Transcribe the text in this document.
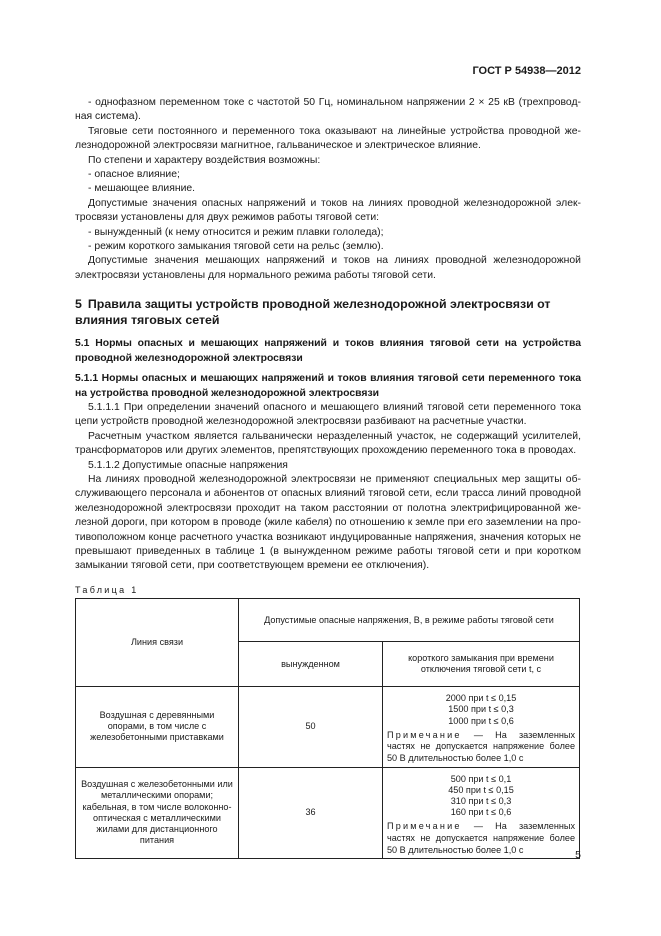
ГОСТ Р 54938—2012

- однофазном переменном токе с частотой 50 Гц, номинальном напряжении 2 × 25 кВ (трехпроводная система).

Тяговые сети постоянного и переменного тока оказывают на линейные устройства проводной железнодорожной электросвязи магнитное, гальваническое и электрическое влияние.

По степени и характеру воздействия возможны:

- опасное влияние;

- мешающее влияние.

Допустимые значения опасных напряжений и токов на линиях проводной железнодорожной электросвязи установлены для двух режимов работы тяговой сети:

- вынужденный (к нему относится и режим плавки гололеда);

- режим короткого замыкания тяговой сети на рельс (землю).

Допустимые значения мешающих напряжений и токов на линиях проводной железнодорожной электросвязи установлены для нормального режима работы тяговой сети.

5 Правила защиты устройств проводной железнодорожной электросвязи от влияния тяговых сетей

5.1 Нормы опасных и мешающих напряжений и токов влияния тяговой сети на устройства проводной железнодорожной электросвязи

5.1.1 Нормы опасных и мешающих напряжений и токов влияния тяговой сети переменного тока на устройства проводной железнодорожной электросвязи

5.1.1.1 При определении значений опасного и мешающего влияний тяговой сети переменного тока цепи устройств проводной железнодорожной электросвязи разбивают на расчетные участки.

Расчетным участком является гальванически неразделенный участок, не содержащий усилителей, трансформаторов или других элементов, препятствующих прохождению переменного тока в проводах.

5.1.1.2 Допустимые опасные напряжения

На линиях проводной железнодорожной электросвязи не применяют специальных мер защиты обслуживающего персонала и абонентов от опасных влияний тяговой сети, если трасса линий проводной железнодорожной электросвязи проходит на таком расстоянии от полотна электрифицированной железной дороги, при котором в проводе (жиле кабеля) по отношению к земле при его заземлении на противоположном конце расчетного участка возникают индуцированные напряжения, значения которых не превышают приведенных в таблице 1 (в вынужденном режиме работы тяговой сети и при коротком замыкании тяговой сети, при соответствующем времени ее отключения).

Таблица 1
Линия связи	Допустимые опасные напряжения, В, в режиме работы тяговой сети	
	вынужденном	короткого замыкания при времени отключения тяговой сети t, с
Воздушная с деревянными опорами, в том числе с железобетонными приставками	50	2000 при t ≤ 0,15
1500 при t ≤ 0,3
1000 при t ≤ 0,6
Примечание — На заземленных частях не допускается напряжение более 50 В длительностью более 1,0 с

Воздушная с железобетонными или металлическими опорами; кабельная, в том числе волоконно-оптическая с металлическими жилами для дистанционного питания	36	500 при t ≤ 0,1
450 при t ≤ 0,15
310 при t ≤ 0,3
160 при t ≤ 0,6
Примечание — На заземленных частях не допускается напряжение более 50 В длительностью более 1,0 с	5
